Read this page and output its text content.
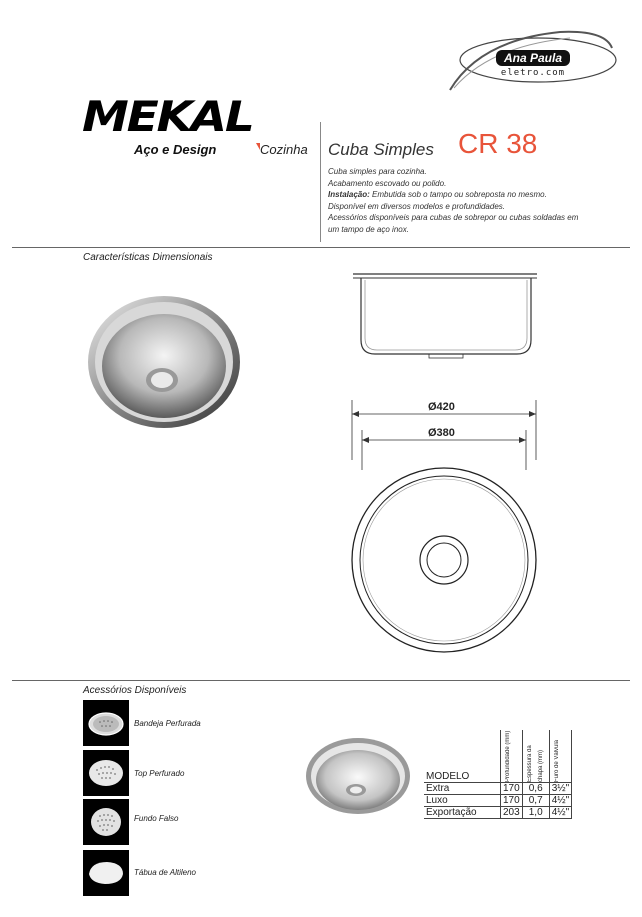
Ana Paula
eletro.com
MEKAL
Aço e Design	Cozinha Cuba Simples CR 38

Cuba simples para cozinha.

Acabamento escovado ou polido.

Instalação: Embutida sob o tampo ou sobreposta no mesmo.

Disponível em diversos modelos e profundidades.

Acessórios disponíveis para cubas de sobrepor ou cubas soldadas em

um tampo de aço inox.

Características Dimensionais
Ø420
Ø380
Acessórios Disponíveis
Bandeja Perfurada
Top Perfurado
Fundo Falso
Tábua de Altileno
MODELO	Profundidade (mm)	Espessura da chapa (mm)	Furo de Válvula

Extra	170	0,6	3½"
Luxo	170	0,7	4½"
Exportação	203	1,0	4½"
